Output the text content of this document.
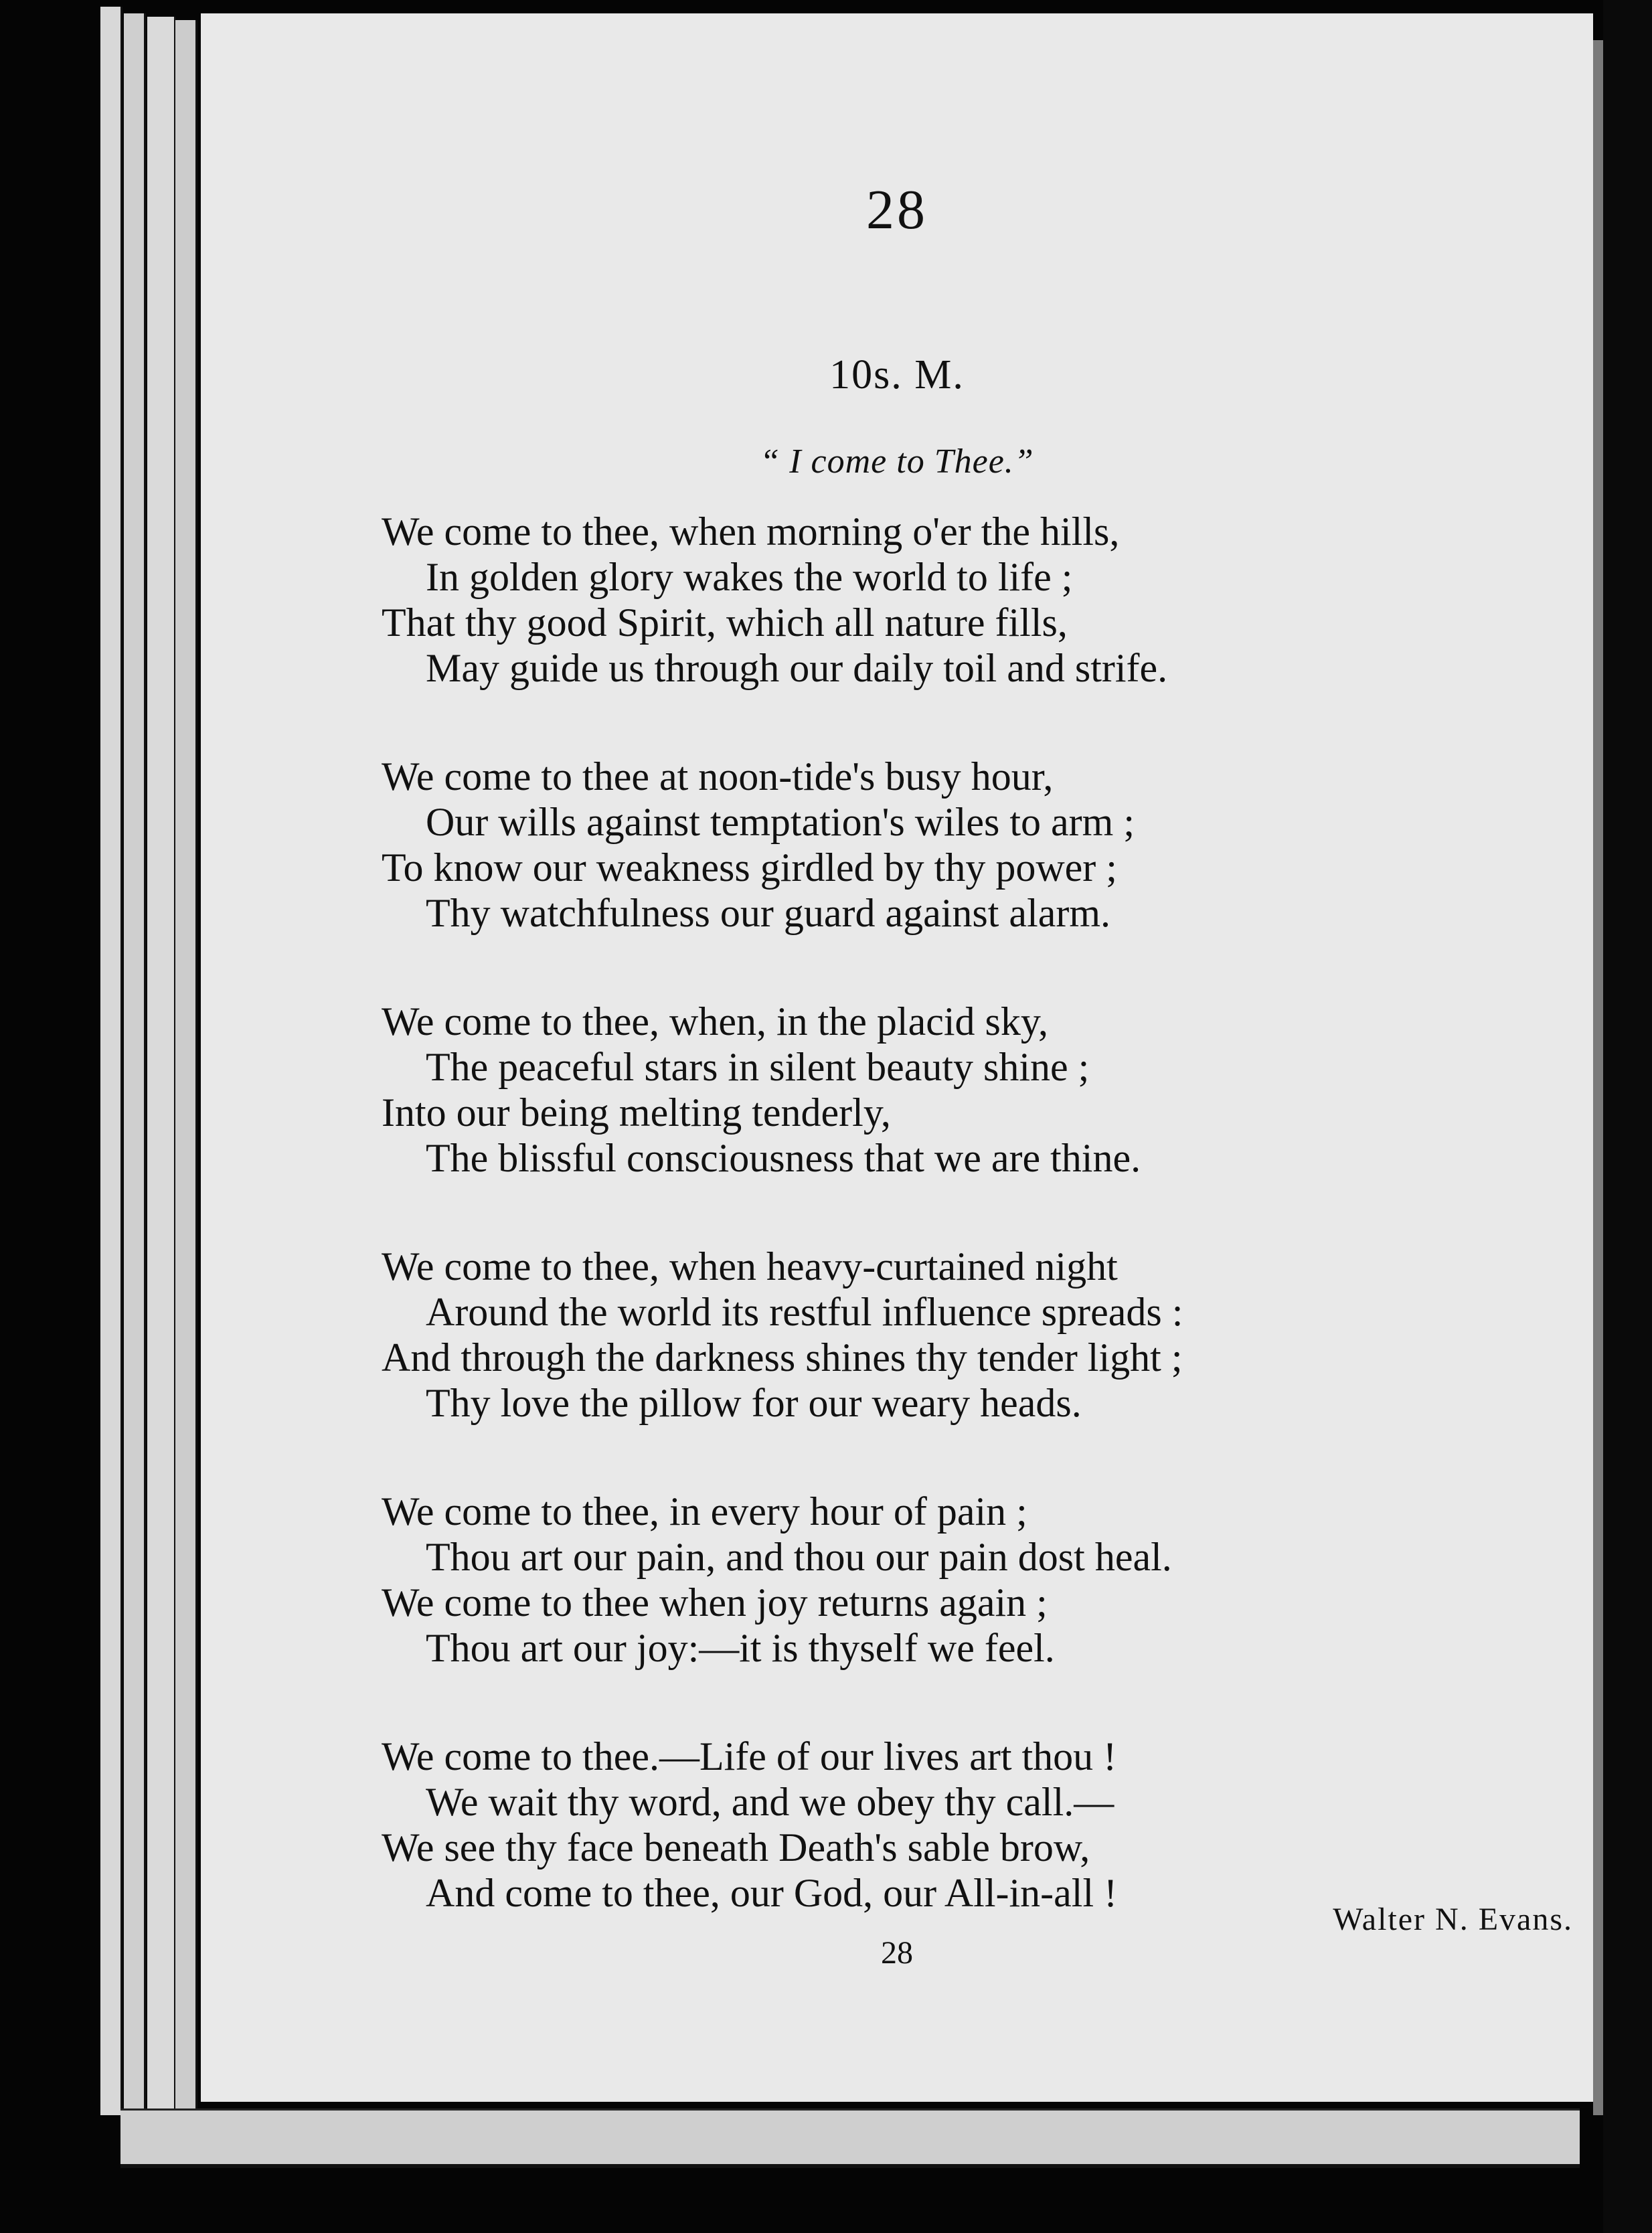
28
10s. M.
“ I come to Thee.”
We come to thee, when morning o'er the hills,
In golden glory wakes the world to life ;
That thy good Spirit, which all nature fills,
May guide us through our daily toil and strife.
We come to thee at noon-tide's busy hour,
Our wills against temptation's wiles to arm ;
To know our weakness girdled by thy power ;
Thy watchfulness our guard against alarm.
We come to thee, when, in the placid sky,
The peaceful stars in silent beauty shine ;
Into our being melting tenderly,
The blissful consciousness that we are thine.
We come to thee, when heavy-curtained night
Around the world its restful influence spreads :
And through the darkness shines thy tender light ;
Thy love the pillow for our weary heads.
We come to thee, in every hour of pain ;
Thou art our pain, and thou our pain dost heal.
We come to thee when joy returns again ;
Thou art our joy:—it is thyself we feel.
We come to thee.—Life of our lives art thou !
We wait thy word, and we obey thy call.—
We see thy face beneath Death's sable brow,
And come to thee, our God, our All-in-all !
Walter N. Evans.
28
